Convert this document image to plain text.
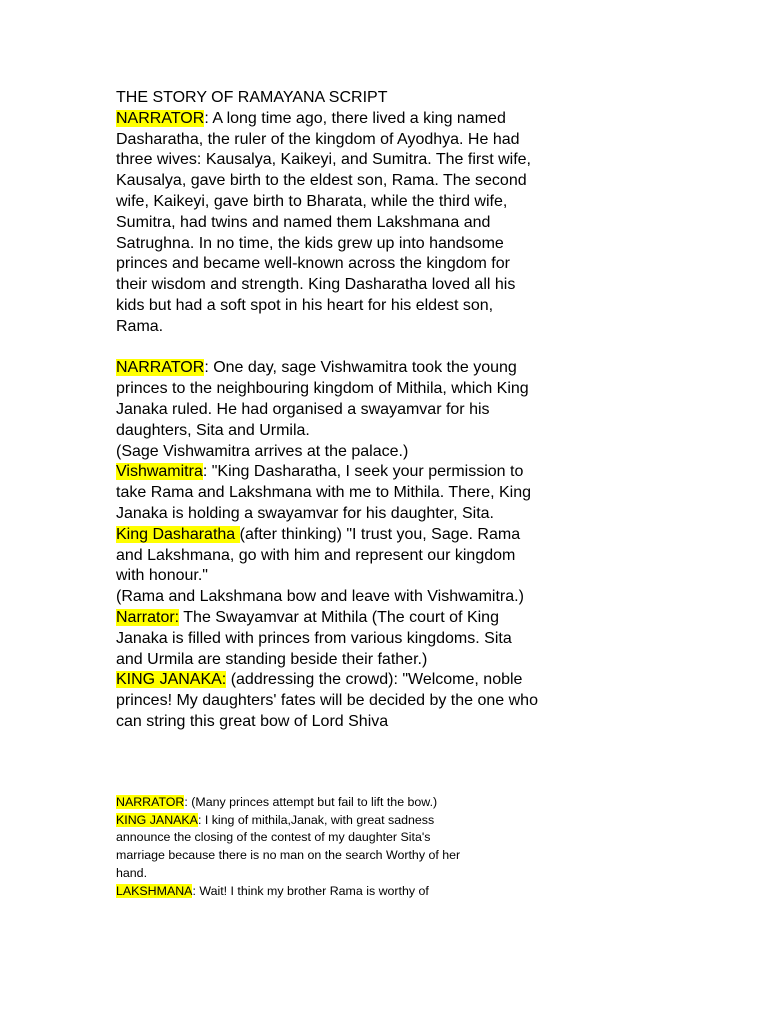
THE STORY OF RAMAYANA SCRIPT

NARRATOR: A long time ago, there lived a king named Dasharatha, the ruler of the kingdom of Ayodhya. He had three wives: Kausalya, Kaikeyi, and Sumitra. The first wife, Kausalya, gave birth to the eldest son, Rama. The second wife, Kaikeyi, gave birth to Bharata, while the third wife, Sumitra, had twins and named them Lakshmana and Satrughna. In no time, the kids grew up into handsome princes and became well-known across the kingdom for their wisdom and strength. King Dasharatha loved all his kids but had a soft spot in his heart for his eldest son, Rama.

NARRATOR: One day, sage Vishwamitra took the young princes to the neighbouring kingdom of Mithila, which King Janaka ruled. He had organised a swayamvar for his daughters, Sita and Urmila.

(Sage Vishwamitra arrives at the palace.)

Vishwamitra: "King Dasharatha, I seek your permission to take Rama and Lakshmana with me to Mithila. There, King Janaka is holding a swayamvar for his daughter, Sita.

King Dasharatha (after thinking) "I trust you, Sage. Rama and Lakshmana, go with him and represent our kingdom with honour."

(Rama and Lakshmana bow and leave with Vishwamitra.)

Narrator: The Swayamvar at Mithila (The court of King Janaka is filled with princes from various kingdoms. Sita and Urmila are standing beside their father.)

KING JANAKA: (addressing the crowd): "Welcome, noble princes! My daughters' fates will be decided by the one who can string this great bow of Lord Shiva

NARRATOR: (Many princes attempt but fail to lift the bow.)

KING JANAKA: I king of mithila,Janak, with great sadness announce the closing of the contest of my daughter Sita's marriage because there is no man on the search Worthy of her hand.

LAKSHMANA: Wait! I think my brother Rama is worthy of
